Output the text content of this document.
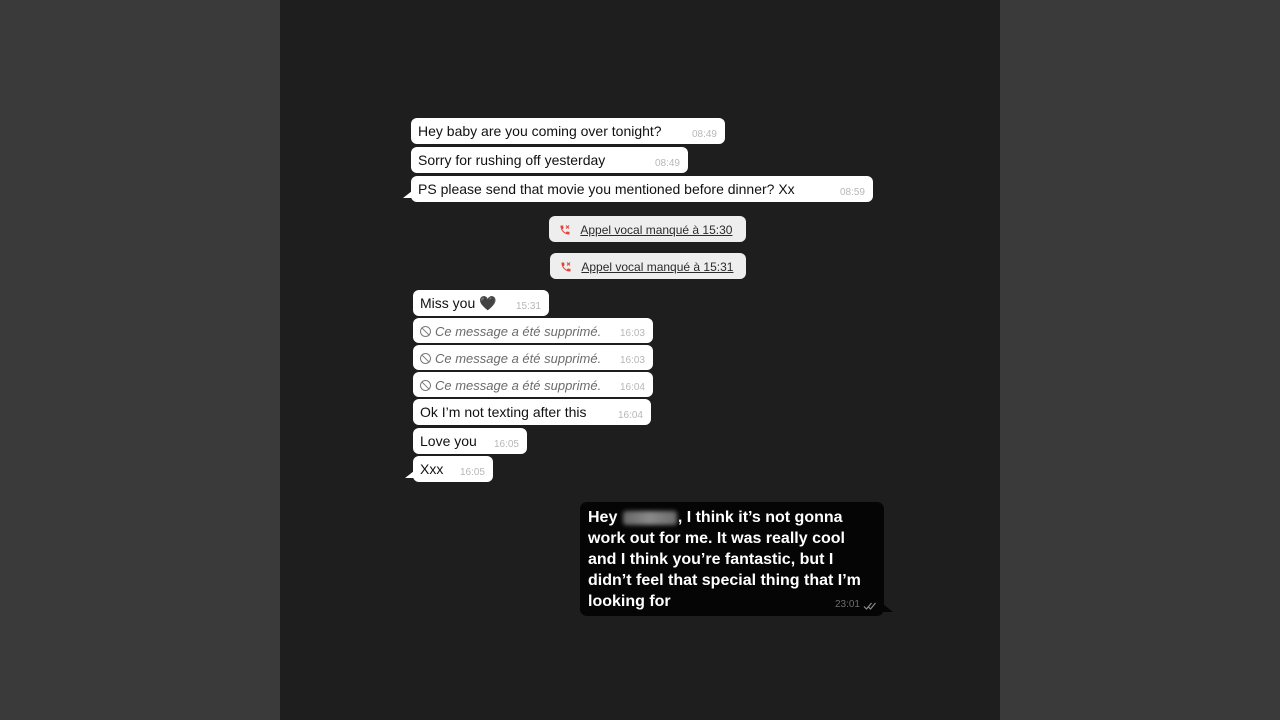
Hey baby are you coming over tonight?	08:49
Sorry for rushing off yesterday	08:49
PS please send that movie you mentioned before dinner? Xx	08:59
Appel vocal manqué à 15:30
Appel vocal manqué à 15:31
Miss you 🖤 15:31
Ce message a été supprimé. 16:03
Ce message a été supprimé. 16:03
Ce message a été supprimé. 16:04
Ok I’m not texting after this	16:04
Love you 16:05
Xxx 16:05
Hey	, I think it’s not gonna work out for me. It was really cool and I think you’re fantastic, but I didn’t feel that special thing that I’m looking for	23:01
